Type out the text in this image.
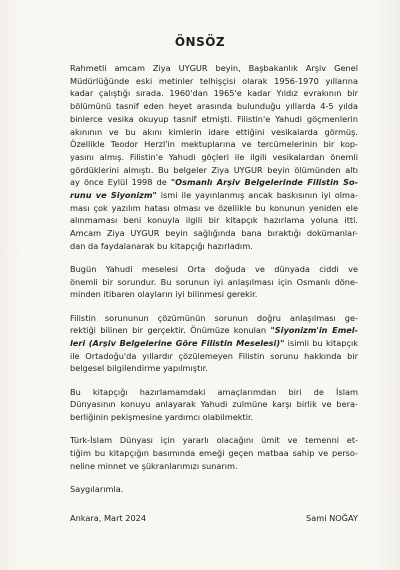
ÖNSÖZ
Rahmetli amcam Ziya UYGUR beyin, Başbakanlık Arşiv Genel
Müdürlüğünde eski metinler telhişçisi olarak 1956-1970 yıllarına
kadar çalıştığı sırada. 1960'dan 1965'e kadar Yıldız evrakının bir
bölümünü tasnif eden heyet arasında bulunduğu yıllarda 4-5 yılda
binlerce vesika okuyup tasnif etmişti. Filistin'e Yahudi göçmenlerin
akınının ve bu akını kimlerin idare ettiğini vesikalarda görmüş.
Özellikle Teodor Herzl'in mektuplarına ve tercümelerinin bir kop-
yasını almış. Filistin'e Yahudi göçleri ile ilgili vesikalardan önemli
gördüklerini almıştı. Bu belgeler Ziya UYGUR beyin ölümünden altı
ay önce Eylül 1998 de "Osmanlı Arşiv Belgelerinde Filistin So-
runu ve Siyonizm" ismi ile yayınlanmış ancak baskısının iyi olma-
ması çok yazılım hatası olması ve özellikle bu konunun yeniden ele
alınmaması beni konuyla ilgili bir kitapçık hazırlama yoluna itti.
Amcam Ziya UYGUR beyin sağlığında bana bıraktığı dokümanlar-
dan da faydalanarak bu kitapçığı hazırladım.
Bugün Yahudi meselesi Orta doğuda ve dünyada ciddi ve
önemli bir sorundur. Bu sorunun iyi anlaşılması için Osmanlı döne-
minden itibaren olayların iyi bilinmesi gerekir.
Filistin sorununun çözümünün sorunun doğru anlaşılması ge-
rektiği bilinen bir gerçektir. Önümüze konulan "Siyonizm'in Emel-
leri (Arşiv Belgelerine Göre Filistin Meselesi)" isimli bu kitapçık
ile Ortadoğu'da yıllardır çözülemeyen Filistin sorunu hakkında bir
belgesel bilgilendirme yapılmıştır.
Bu kitapçığı hazırlamamdaki amaçlarımdan biri de İslam
Dünyasının konuyu anlayarak Yahudi zulmüne karşı birlik ve bera-
berliğinin pekişmesine yardımcı olabilmektir.
Türk-İslam Dünyası için yararlı olacağını ümit ve temenni et-
tiğim bu kitapçığın basımında emeği geçen matbaa sahip ve perso-
neline minnet ve şükranlarımızı sunarım.
Saygılarımla.
Ankara, Mart 2024	Sami NOĞAY
